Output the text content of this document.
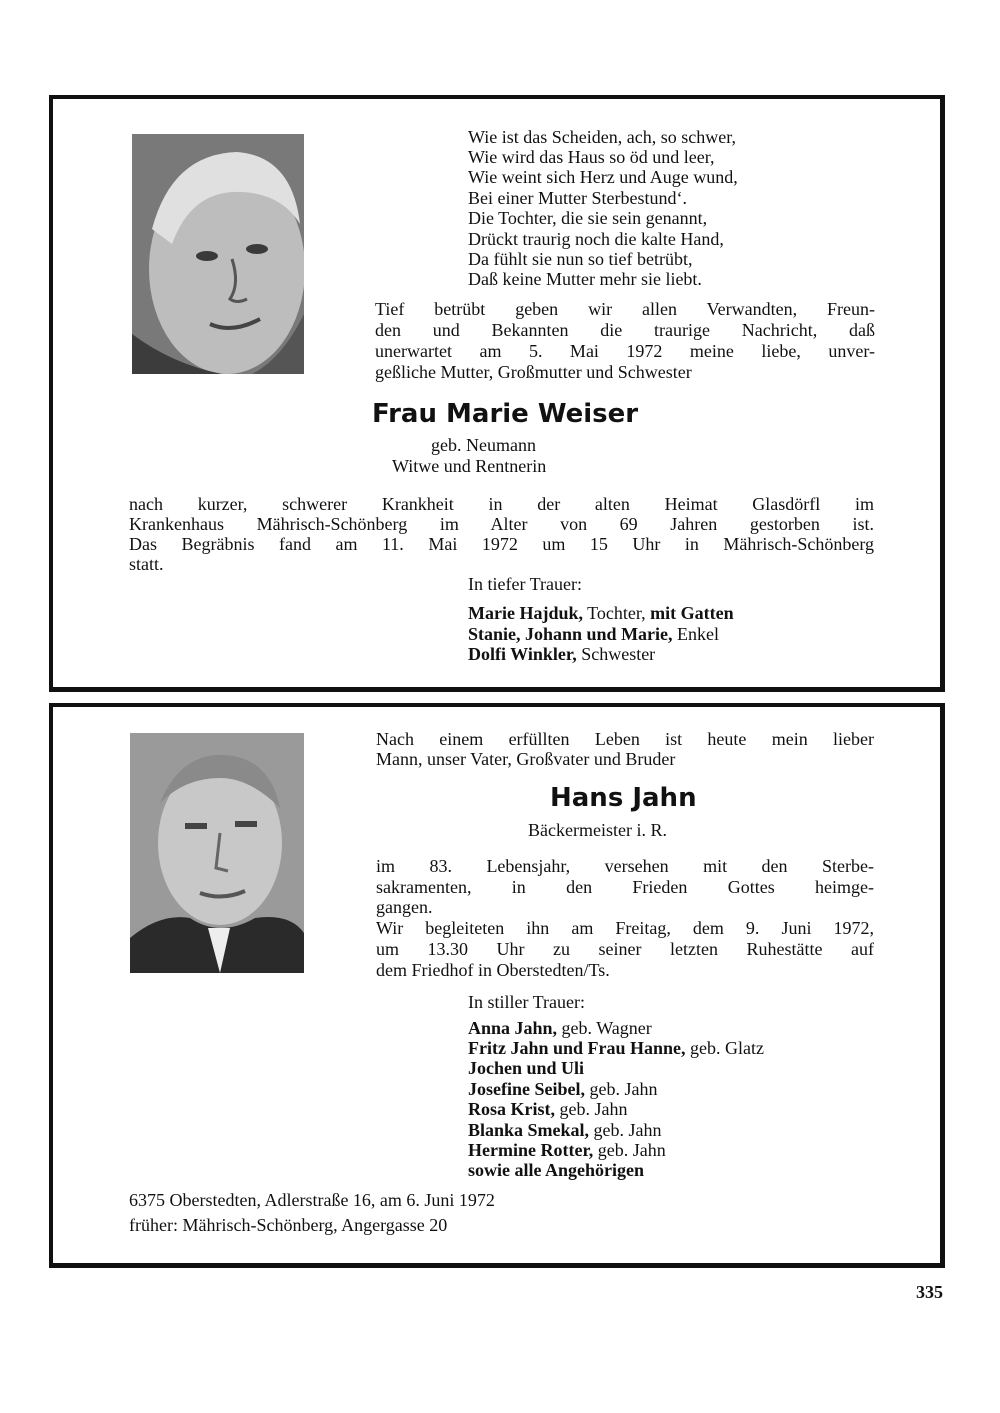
Wie ist das Scheiden, ach, so schwer,
Wie wird das Haus so öd und leer,
Wie weint sich Herz und Auge wund,
Bei einer Mutter Sterbestund‘.
Die Tochter, die sie sein genannt,
Drückt traurig noch die kalte Hand,
Da fühlt sie nun so tief betrübt,
Daß keine Mutter mehr sie liebt.
Tief betrübt geben wir allen Verwandten, Freun-
den und Bekannten die traurige Nachricht, daß
unerwartet am 5. Mai 1972 meine liebe, unver-
geßliche Mutter, Großmutter und Schwester
Frau Marie Weiser
geb. Neumann
Witwe und Rentnerin
nach kurzer, schwerer Krankheit in der alten Heimat Glasdörfl im
Krankenhaus Mährisch-Schönberg im Alter von 69 Jahren gestorben ist.
Das Begräbnis fand am 11. Mai 1972 um 15 Uhr in Mährisch-Schönberg
statt.
In tiefer Trauer:
Marie Hajduk, Tochter, mit Gatten
Stanie, Johann und Marie, Enkel
Dolfi Winkler, Schwester
Nach einem erfüllten Leben ist heute mein lieber
Mann, unser Vater, Großvater und Bruder
Hans Jahn
Bäckermeister i. R.
im 83. Lebensjahr, versehen mit den Sterbe-
sakramenten, in den Frieden Gottes heimge-
gangen.
Wir begleiteten ihn am Freitag, dem 9. Juni 1972,
um 13.30 Uhr zu seiner letzten Ruhestätte auf
dem Friedhof in Oberstedten/Ts.
In stiller Trauer:
Anna Jahn, geb. Wagner
Fritz Jahn und Frau Hanne, geb. Glatz
Jochen und Uli
Josefine Seibel, geb. Jahn
Rosa Krist, geb. Jahn
Blanka Smekal, geb. Jahn
Hermine Rotter, geb. Jahn
sowie alle Angehörigen
6375 Oberstedten, Adlerstraße 16, am 6. Juni 1972
früher: Mährisch-Schönberg, Angergasse 20
335
